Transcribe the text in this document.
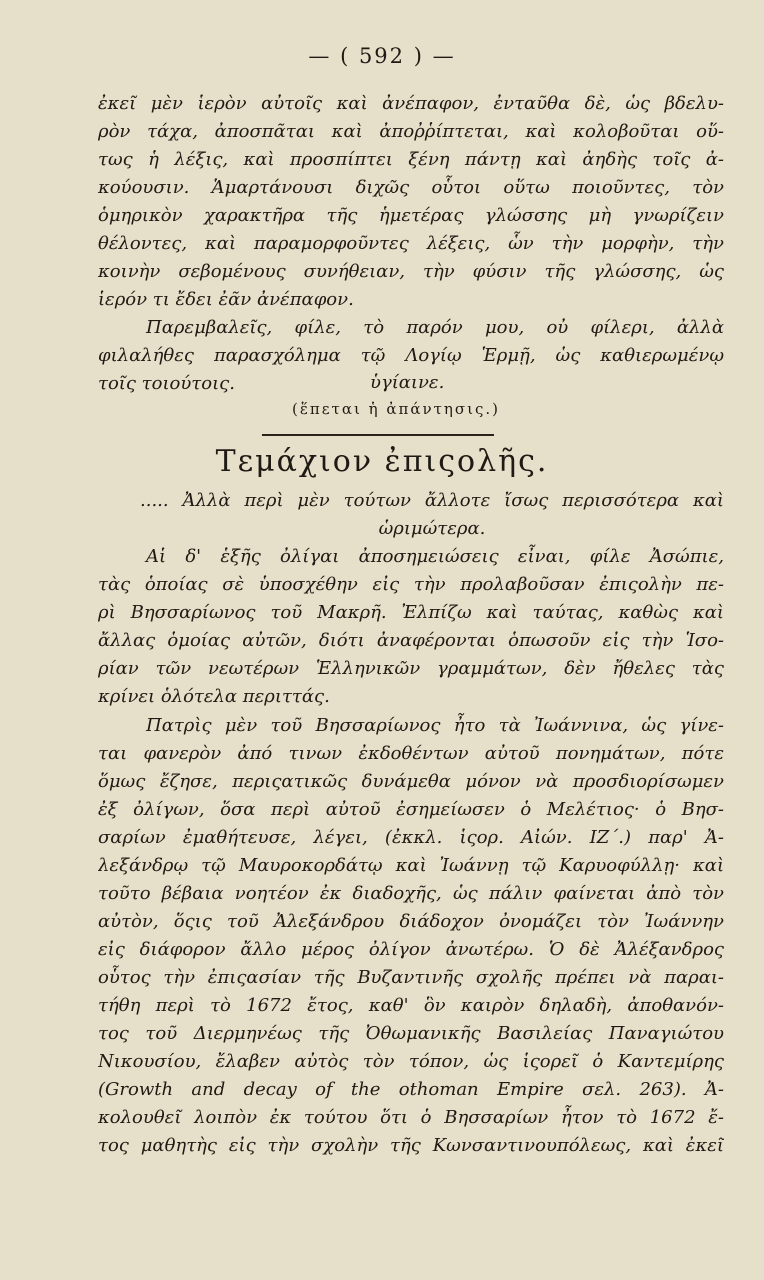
— ( 592 ) —
ἐκεῖ μὲν ἱερὸν αὐτοῖς καὶ ἀνέπαφον, ἐνταῦθα δὲ, ὡς βδελυ-
ρὸν τάχα, ἀποσπᾶται καὶ ἀποῤῥίπτεται, καὶ κολοβοῦται οὕ-
τως ἡ λέξις, καὶ προσπίπτει ξένη πάντῃ καὶ ἀηδὴς τοῖς ἀ-
κούουσιν. Ἁμαρτάνουσι διχῶς οὗτοι οὕτω ποιοῦντες, τὸν
ὁμηρικὸν χαρακτῆρα τῆς ἡμετέρας γλώσσης μὴ γνωρίζειν
θέλοντες, καὶ παραμορφοῦντες λέξεις, ὧν τὴν μορφὴν, τὴν
κοινὴν σεβομένους συνήθειαν, τὴν φύσιν τῆς γλώσσης, ὡς
ἱερόν τι ἔδει ἐᾶν ἀνέπαφον.
Παρεμβαλεῖς, φίλε, τὸ παρόν μου, οὐ φίλερι, ἀλλὰ
φιλαλήθες παρασχόλημα τῷ Λογίῳ Ἑρμῇ, ὡς καθιερωμένῳ
τοῖς τοιούτοις.	ὑγίαινε.
(ἕπεται ἡ ἀπάντησις.)
Τεμάχιον ἐπιςολῆς.
..... Ἀλλὰ περὶ μὲν τούτων ἄλλοτε ἴσως περισσότερα καὶ
ὡριμώτερα.
Αἱ δ' ἑξῆς ὀλίγαι ἀποσημειώσεις εἶναι, φίλε Ἀσώπιε,
τὰς ὁποίας σὲ ὑποσχέθην εἰς τὴν προλαβοῦσαν ἐπιςολὴν πε-
ρὶ Βησσαρίωνος τοῦ Μακρῆ. Ἐλπίζω καὶ ταύτας, καθὼς καὶ
ἄλλας ὁμοίας αὐτῶν, διότι ἀναφέρονται ὁπωσοῦν εἰς τὴν Ἱσο-
ρίαν τῶν νεωτέρων Ἑλληνικῶν γραμμάτων, δὲν ἤθελες τὰς
κρίνει ὁλότελα περιττάς.
Πατρὶς μὲν τοῦ Βησσαρίωνος ἦτο τὰ Ἰωάννινα, ὡς γίνε-
ται φανερὸν ἀπό τινων ἐκδοθέντων αὐτοῦ πονημάτων, πότε
ὅμως ἔζησε, περιςατικῶς δυνάμεθα μόνον νὰ προσδιορίσωμεν
ἐξ ὀλίγων, ὅσα περὶ αὐτοῦ ἐσημείωσεν ὁ Μελέτιος· ὁ Βησ-
σαρίων ἐμαθήτευσε, λέγει, (ἐκκλ. ἱςορ. Αἰών. ΙΖ΄.) παρ' Ἀ-
λεξάνδρῳ τῷ Μαυροκορδάτῳ καὶ Ἰωάννῃ τῷ Καρυοφύλλῃ· καὶ
τοῦτο βέβαια νοητέον ἐκ διαδοχῆς, ὡς πάλιν φαίνεται ἀπὸ τὸν
αὐτὸν, ὅςις τοῦ Ἀλεξάνδρου διάδοχον ὀνομάζει τὸν Ἰωάννην
εἰς διάφορον ἄλλο μέρος ὀλίγον ἀνωτέρω. Ὁ δὲ Ἀλέξανδρος
οὗτος τὴν ἐπιςασίαν τῆς Βυζαντινῆς σχολῆς πρέπει νὰ παραι-
τήθη περὶ τὸ 1672 ἔτος, καθ' ὃν καιρὸν δηλαδὴ, ἀποθανόν-
τος τοῦ Διερμηνέως τῆς Ὀθωμανικῆς Βασιλείας Παναγιώτου
Νικουσίου, ἔλαβεν αὐτὸς τὸν τόπον, ὡς ἱςορεῖ ὁ Καντεμίρης
(Growth and decay of the othoman Empire σελ. 263). Ἀ-
κολουθεῖ λοιπὸν ἐκ τούτου ὅτι ὁ Βησσαρίων ἦτον τὸ 1672 ἔ-
τος μαθητὴς εἰς τὴν σχολὴν τῆς Κωνσαντινουπόλεως, καὶ ἐκεῖ
